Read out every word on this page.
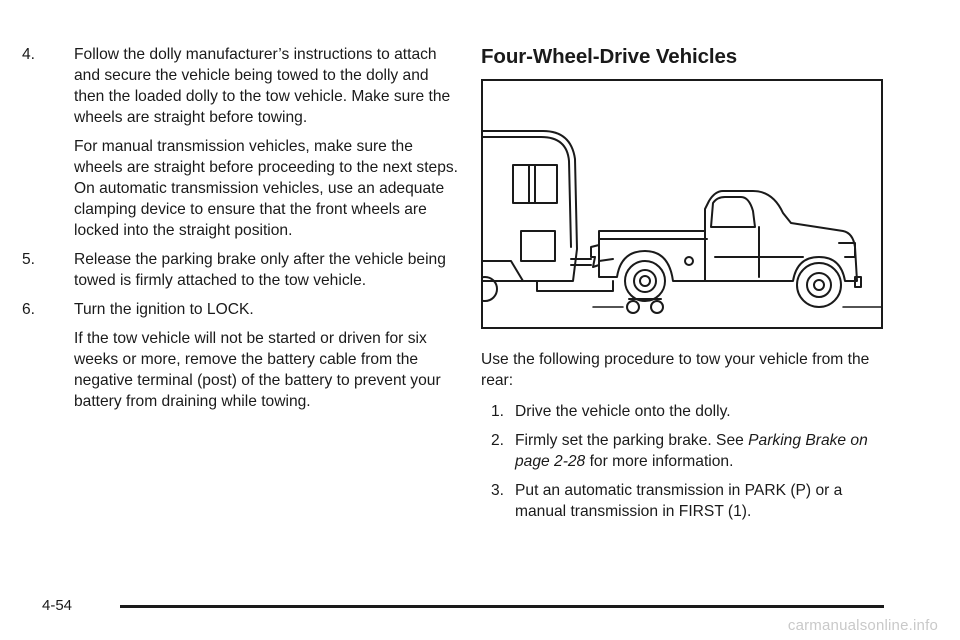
4. Follow the dolly manufacturer’s instructions to attach and secure the vehicle being towed to the dolly and then the loaded dolly to the tow vehicle. Make sure the wheels are straight before towing.
For manual transmission vehicles, make sure the wheels are straight before proceeding to the next steps. On automatic transmission vehicles, use an adequate clamping device to ensure that the front wheels are locked into the straight position.
5. Release the parking brake only after the vehicle being towed is firmly attached to the tow vehicle.
6. Turn the ignition to LOCK.
If the tow vehicle will not be started or driven for six weeks or more, remove the battery cable from the negative terminal (post) of the battery to prevent your battery from draining while towing.
Four-Wheel-Drive Vehicles
Use the following procedure to tow your vehicle from the rear:
1. Drive the vehicle onto the dolly.
2. Firmly set the parking brake. See Parking Brake on page 2-28 for more information.
3. Put an automatic transmission in PARK (P) or a manual transmission in FIRST (1).
4-54
carmanualsonline.info
